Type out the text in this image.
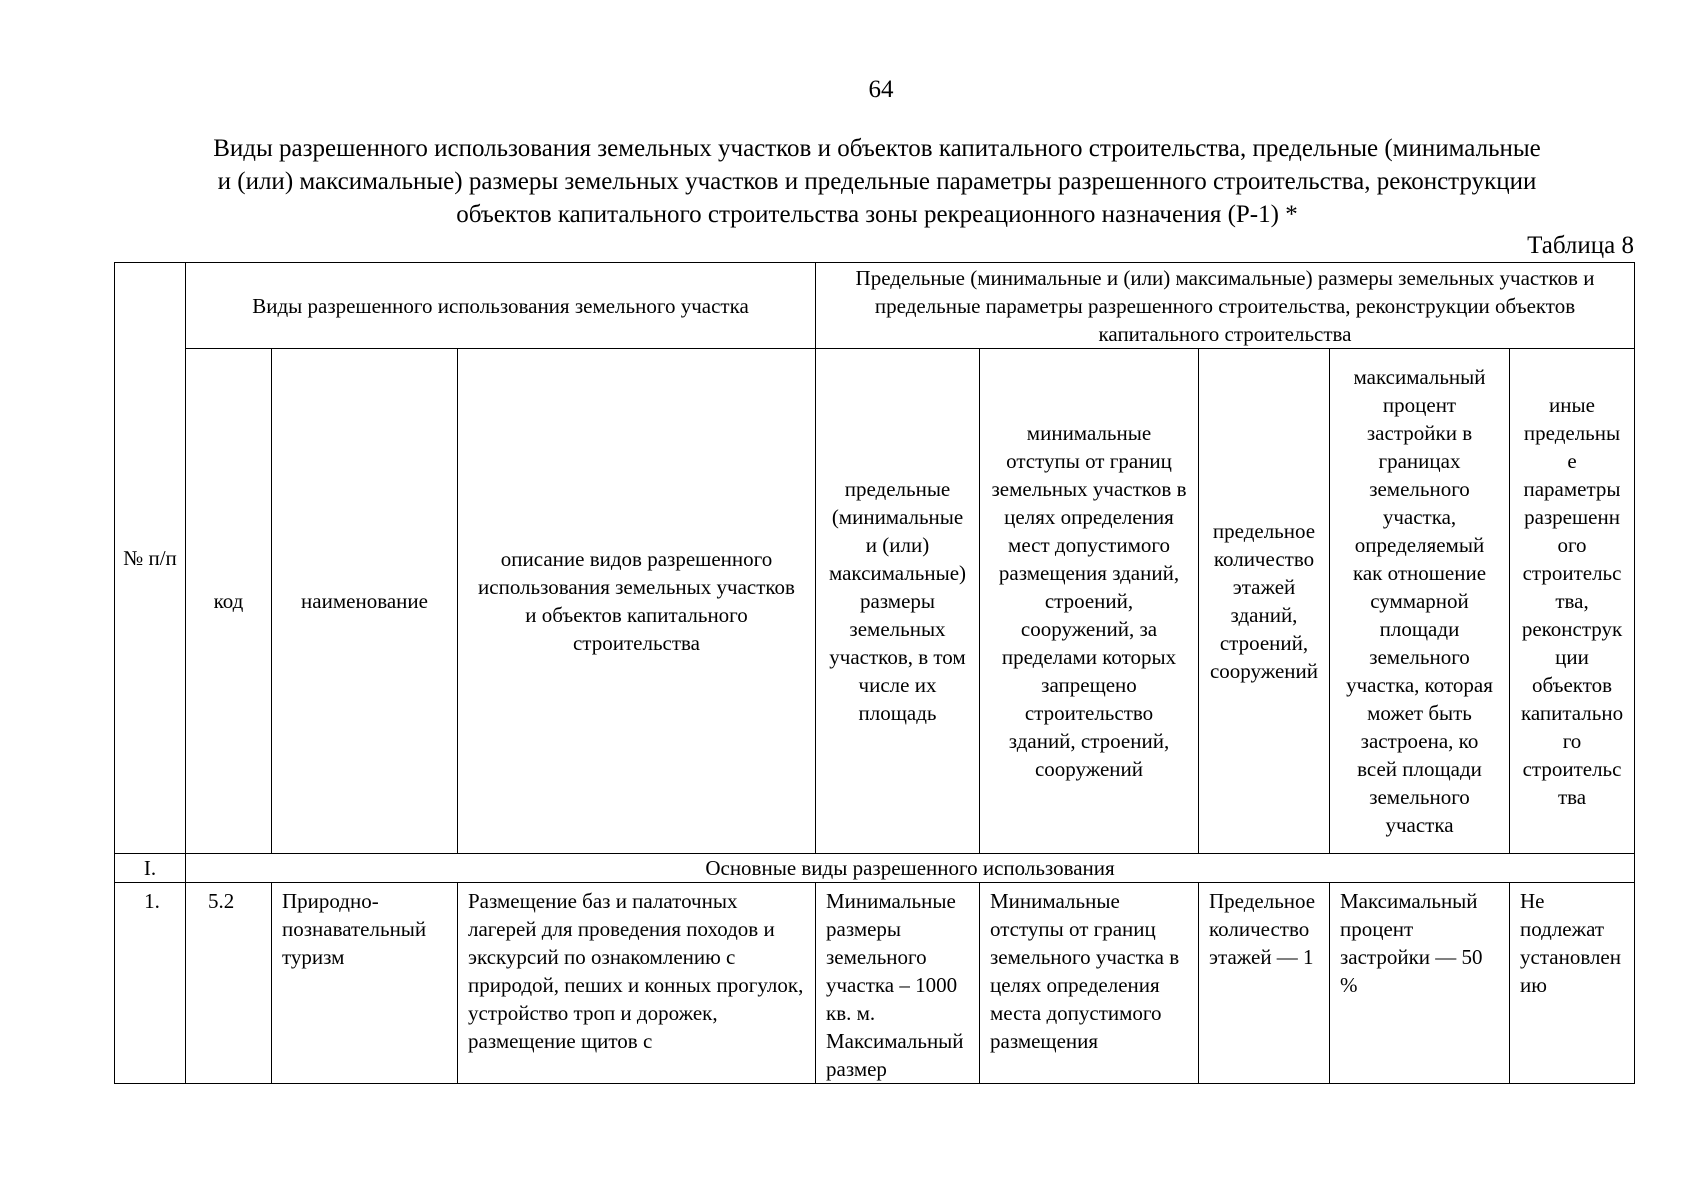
64
Виды разрешенного использования земельных участков и объектов капитального строительства, предельные (минимальные
и (или) максимальные) размеры земельных участков и предельные параметры разрешенного строительства, реконструкции
объектов капитального строительства зоны рекреационного назначения (Р-1) *
Таблица 8
№ п/п	Виды разрешенного использования земельного участка			Предельные (минимальные и (или) максимальные) размеры земельных участков и предельные параметры разрешенного строительства, реконструкции объектов капитального строительства				
	код	наименование	описание видов разрешенного использования земельных участков и объектов капитального строительства	предельные (минимальные и (или) максимальные) размеры земельных участков, в том числе их площадь	минимальные отступы от границ земельных участков в целях определения мест допустимого размещения зданий, строений, сооружений, за пределами которых запрещено строительство зданий, строений, сооружений	предельное количество этажей зданий, строений, сооружений	максимальный процент застройки в границах земельного участка, определяемый как отношение суммарной площади земельного участка, которая может быть застроена, ко всей площади земельного участка	иные предельные параметры разрешенного строительства, реконструкции объектов капитального строительства
I.	Основные виды разрешенного использования							
1.	5.2	Природно-познавательный туризм	Размещение баз и палаточных лагерей для проведения походов и экскурсий по ознакомлению с природой, пеших и конных прогулок, устройство троп и дорожек, размещение щитов с	Минимальные размеры земельного участка – 1000 кв. м. Максимальный размер	Минимальные отступы от границ земельного участка в целях определения места допустимого размещения	Предельное количество этажей — 1	Максимальный процент застройки — 50 %	Не подлежат установлению
